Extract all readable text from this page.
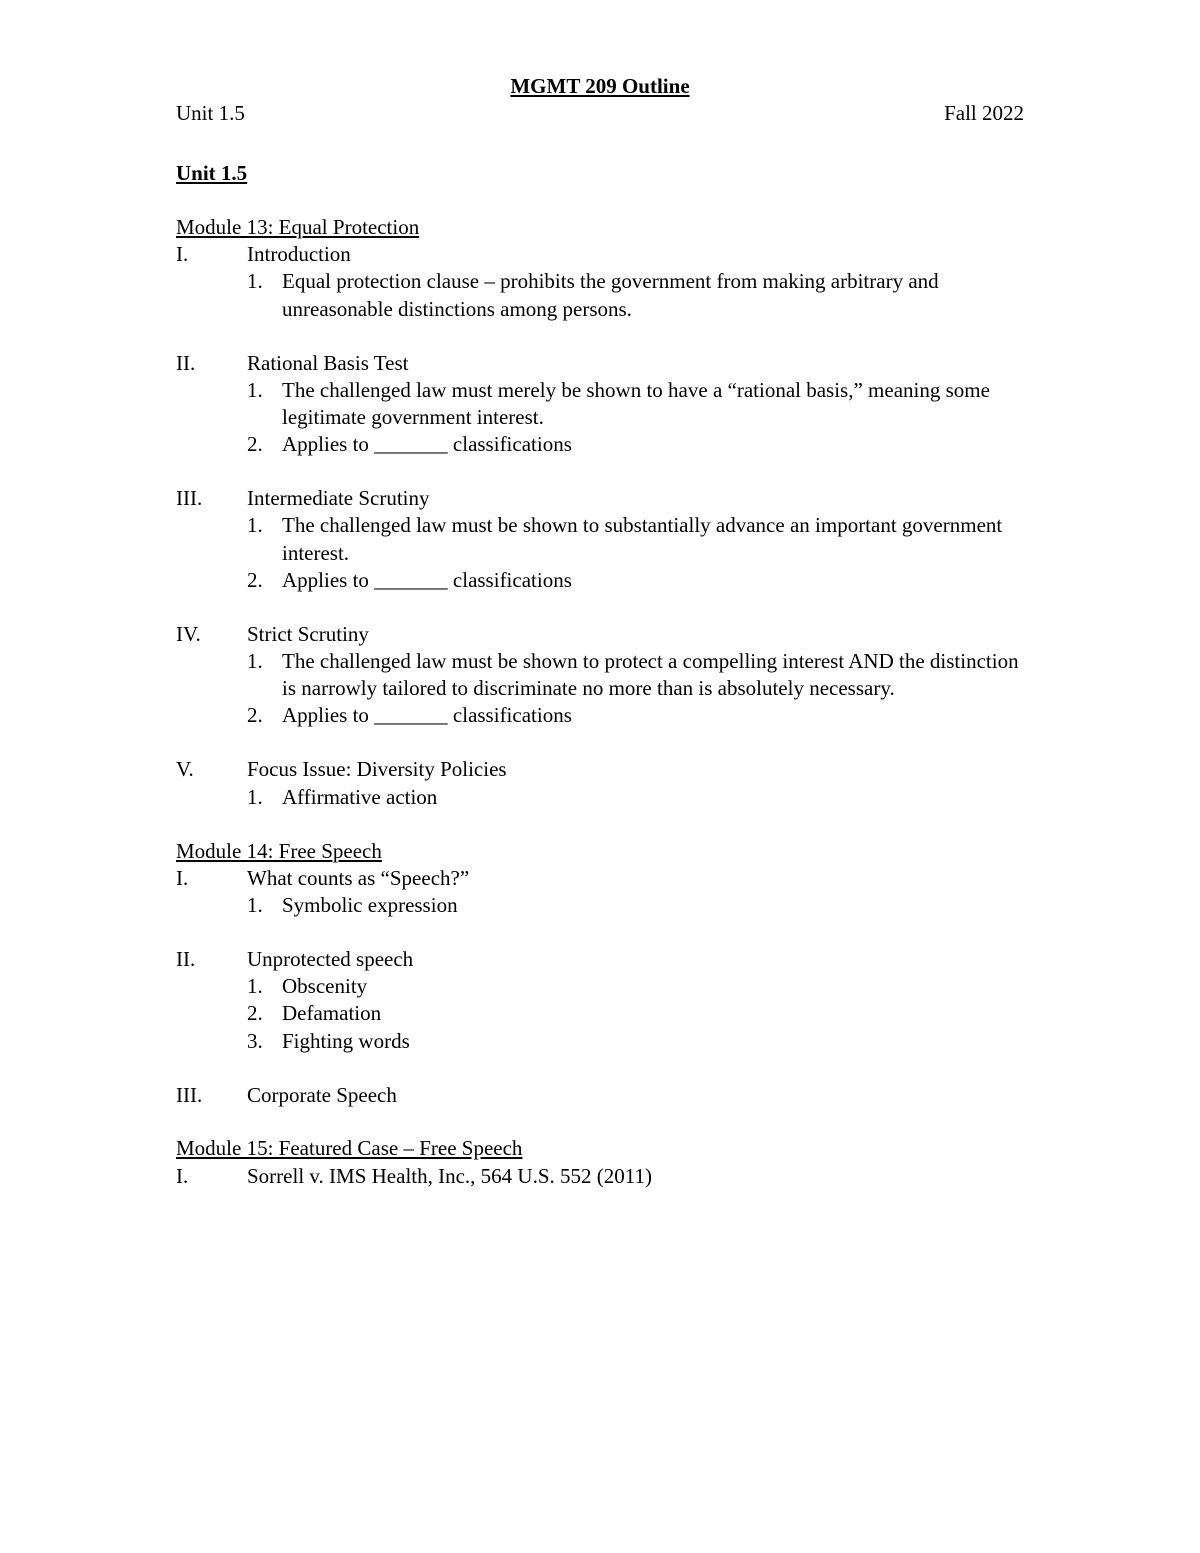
MGMT 209 Outline
Unit 1.5	Fall 2022
Unit 1.5
Module 13: Equal Protection
I.	Introduction
1. Equal protection clause – prohibits the government from making arbitrary and unreasonable distinctions among persons.
II.	Rational Basis Test
1. The challenged law must merely be shown to have a “rational basis,” meaning some legitimate government interest.
2. Applies to _______ classifications
III.	Intermediate Scrutiny
1. The challenged law must be shown to substantially advance an important government interest.
2. Applies to _______ classifications
IV.	Strict Scrutiny
1. The challenged law must be shown to protect a compelling interest AND the distinction is narrowly tailored to discriminate no more than is absolutely necessary.
2. Applies to _______ classifications
V.	Focus Issue: Diversity Policies
1. Affirmative action
Module 14: Free Speech
I.	What counts as “Speech?”
1. Symbolic expression
II.	Unprotected speech
1. Obscenity
2. Defamation
3. Fighting words
III.	Corporate Speech
Module 15: Featured Case – Free Speech
I.	Sorrell v. IMS Health, Inc., 564 U.S. 552 (2011)
